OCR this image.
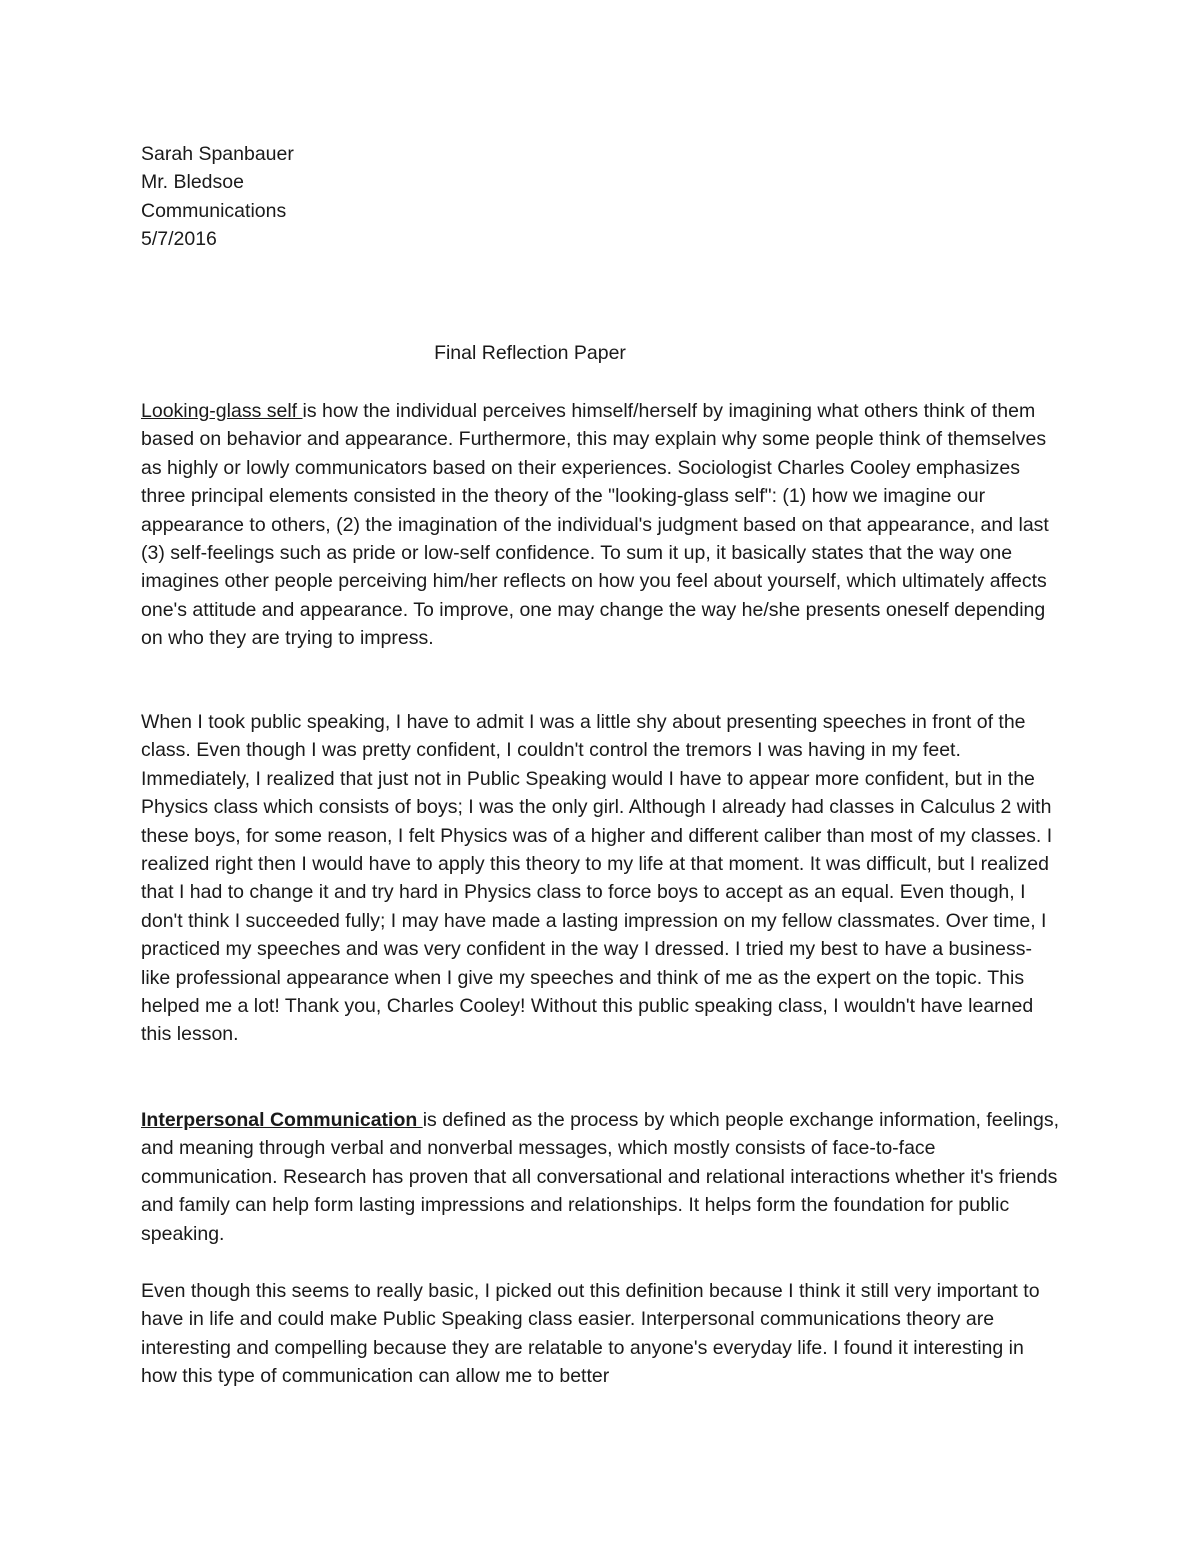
Sarah Spanbauer
Mr. Bledsoe
Communications
5/7/2016
Final Reflection Paper

Looking-glass self is how the individual perceives himself/herself by imagining what others think of them based on behavior and appearance. Furthermore, this may explain why some people think of themselves as highly or lowly communicators based on their experiences. Sociologist Charles Cooley emphasizes three principal elements consisted in the theory of the "looking-glass self": (1) how we imagine our appearance to others, (2) the imagination of the individual's judgment based on that appearance, and last (3) self-feelings such as pride or low-self confidence. To sum it up, it basically states that the way one imagines other people perceiving him/her reflects on how you feel about yourself, which ultimately affects one's attitude and appearance. To improve, one may change the way he/she presents oneself depending on who they are trying to impress.

When I took public speaking, I have to admit I was a little shy about presenting speeches in front of the class. Even though I was pretty confident, I couldn't control the tremors I was having in my feet. Immediately, I realized that just not in Public Speaking would I have to appear more confident, but in the Physics class which consists of boys; I was the only girl. Although I already had classes in Calculus 2 with these boys, for some reason, I felt Physics was of a higher and different caliber than most of my classes. I realized right then I would have to apply this theory to my life at that moment. It was difficult, but I realized that I had to change it and try hard in Physics class to force boys to accept as an equal. Even though, I don't think I succeeded fully; I may have made a lasting impression on my fellow classmates. Over time, I practiced my speeches and was very confident in the way I dressed. I tried my best to have a business-like professional appearance when I give my speeches and think of me as the expert on the topic. This helped me a lot! Thank you, Charles Cooley! Without this public speaking class, I wouldn't have learned this lesson.

Interpersonal Communication is defined as the process by which people exchange information, feelings, and meaning through verbal and nonverbal messages, which mostly consists of face-to-face communication. Research has proven that all conversational and relational interactions whether it's friends and family can help form lasting impressions and relationships. It helps form the foundation for public speaking.

Even though this seems to really basic, I picked out this definition because I think it still very important to have in life and could make Public Speaking class easier. Interpersonal communications theory are interesting and compelling because they are relatable to anyone's everyday life. I found it interesting in how this type of communication can allow me to better
